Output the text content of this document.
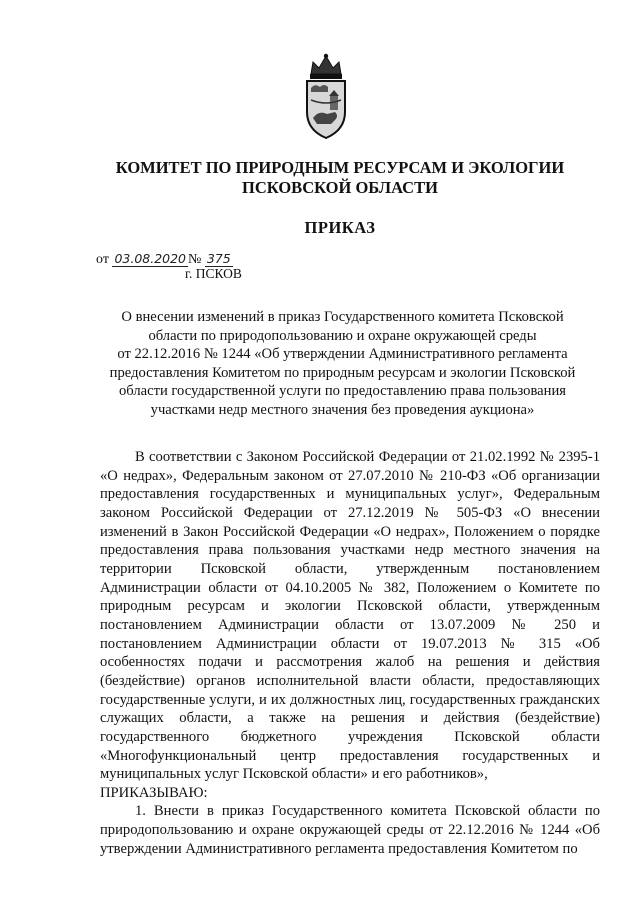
КОМИТЕТ ПО ПРИРОДНЫМ РЕСУРСАМ И ЭКОЛОГИИ
ПСКОВСКОЙ ОБЛАСТИ
ПРИКАЗ
от 03.08.2020 № 375
г. ПСКОВ
О внесении изменений в приказ Государственного комитета Псковской
области по природопользованию и охране окружающей среды
от 22.12.2016 № 1244 «Об утверждении Административного регламента
предоставления Комитетом по природным ресурсам и экологии Псковской
области государственной услуги по предоставлению права пользования
участками недр местного значения без проведения аукциона»

В соответствии с Законом Российской Федерации от 21.02.1992 № 2395-1 «О недрах», Федеральным законом от 27.07.2010 № 210-ФЗ «Об организации предоставления государственных и муниципальных услуг», Федеральным законом Российской Федерации от 27.12.2019 № 505-ФЗ «О внесении изменений в Закон Российской Федерации «О недрах», Положением о порядке предоставления права пользования участками недр местного значения на территории Псковской области, утвержденным постановлением Администрации области от 04.10.2005 № 382, Положением о Комитете по природным ресурсам и экологии Псковской области, утвержденным постановлением Администрации области от 13.07.2009 № 250 и постановлением Администрации области от 19.07.2013 № 315 «Об особенностях подачи и рассмотрения жалоб на решения и действия (бездействие) органов исполнительной власти области, предоставляющих государственные услуги, и их должностных лиц, государственных гражданских служащих области, а также на решения и действия (бездействие) государственного бюджетного учреждения Псковской области «Многофункциональный центр предоставления государственных и муниципальных услуг Псковской области» и его работников»,

ПРИКАЗЫВАЮ:

1. Внести в приказ Государственного комитета Псковской области по природопользованию и охране окружающей среды от 22.12.2016 № 1244 «Об утверждении Административного регламента предоставления Комитетом по
